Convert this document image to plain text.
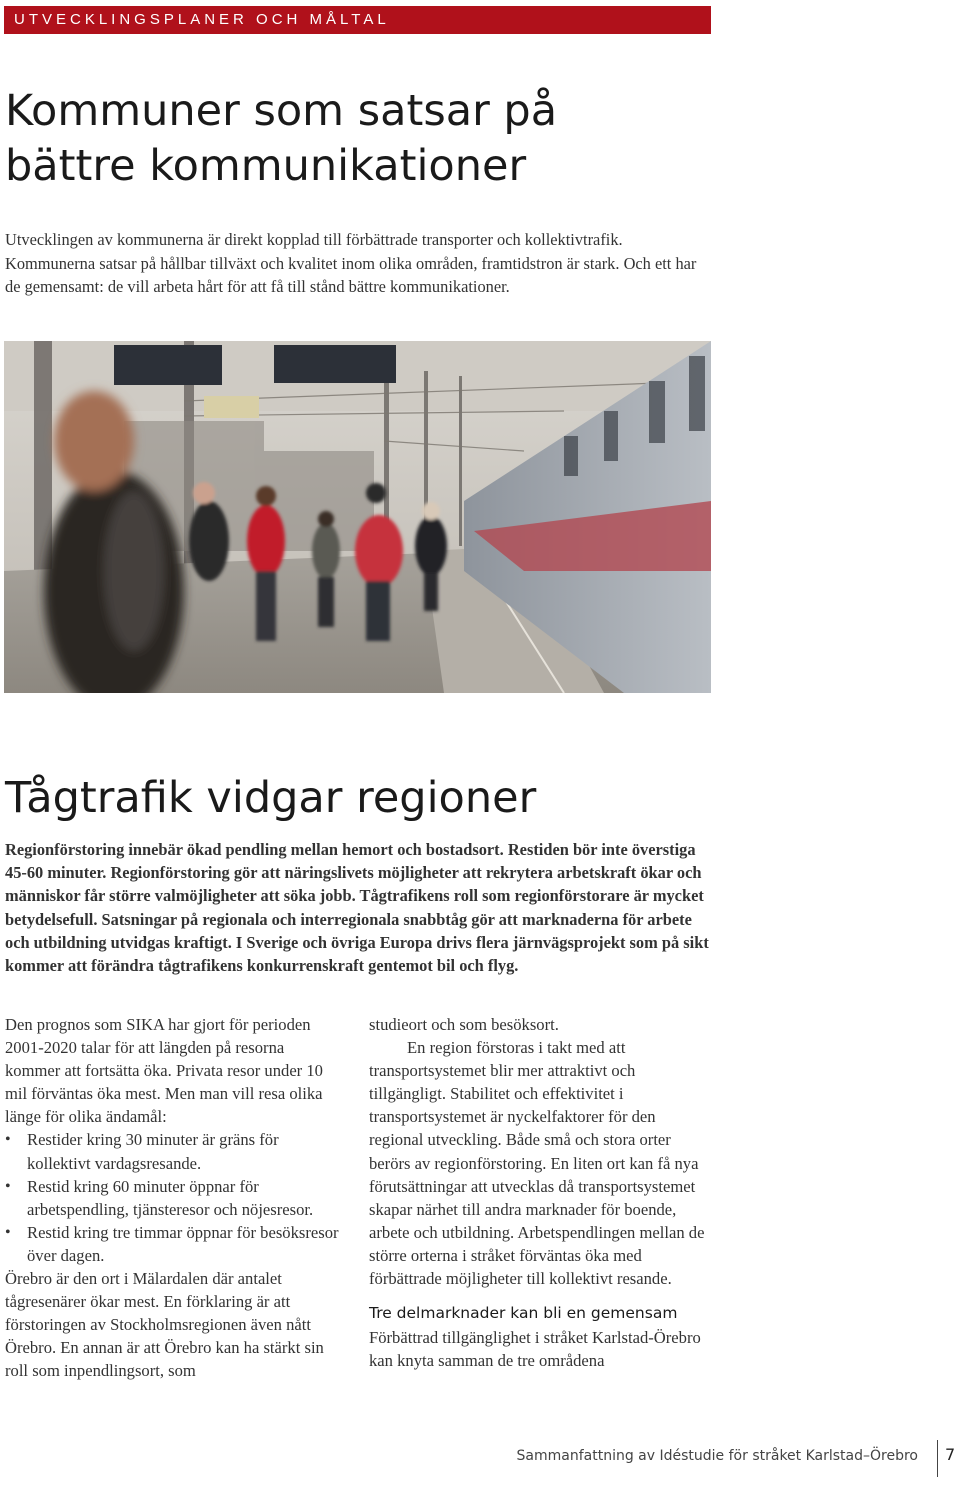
UTVECKLINGSPLANER OCH MÅLTAL
Kommuner som satsar på
bättre kommunikationer

Utvecklingen av kommunerna är direkt kopplad till förbättrade transporter och kollektivtrafik. Kommunerna satsar på hållbar tillväxt och kvalitet inom olika områden, framtidstron är stark. Och ett har de gemensamt: de vill arbeta hårt för att få till stånd bättre kommunikationer.

Tågtrafik vidgar regioner

Regionförstoring innebär ökad pendling mellan hemort och bostadsort. Restiden bör inte överstiga 45-60 minuter. Regionförstoring gör att näringslivets möjligheter att rekrytera arbetskraft ökar och människor får större valmöjligheter att söka jobb. Tågtrafikens roll som regionförstorare är mycket betydelsefull. Satsningar på regionala och interregionala snabbtåg gör att marknaderna för arbete och utbildning utvidgas kraftigt. I Sverige och övriga Europa drivs flera järnvägsprojekt som på sikt kommer att förändra tågtrafikens konkurrenskraft gentemot bil och flyg.

Den prognos som SIKA har gjort för perioden 2001-2020 talar för att längden på resorna kommer att fortsätta öka. Privata resor under 10 mil förväntas öka mest. Men man vill resa olika länge för olika ändamål:

• Restider kring 30 minuter är gräns för kollektivt vardagsresande.
• Restid kring 60 minuter öppnar för arbetspendling, tjänsteresor och nöjesresor.
• Restid kring tre timmar öppnar för besöksresor över dagen.

Örebro är den ort i Mälardalen där antalet tågresenärer ökar mest. En förklaring är att förstoringen av Stockholmsregionen även nått Örebro. En annan är att Örebro kan ha stärkt sin roll som inpendlingsort, som

studieort och som besöksort.

En region förstoras i takt med att transportsystemet blir mer attraktivt och tillgängligt. Stabilitet och effektivitet i transportsystemet är nyckelfaktorer för den regional utveckling. Både små och stora orter berörs av regionförstoring. En liten ort kan få nya förutsättningar att utvecklas då transportsystemet skapar närhet till andra marknader för boende, arbete och utbildning. Arbetspendlingen mellan de större orterna i stråket förväntas öka med förbättrade möjligheter till kollektivt resande.

Tre delmarknader kan bli en gemensam

Förbättrad tillgänglighet i stråket Karlstad-Örebro kan knyta samman de tre områdena

Sammanfattning av Idéstudie för stråket Karlstad–Örebro 7
